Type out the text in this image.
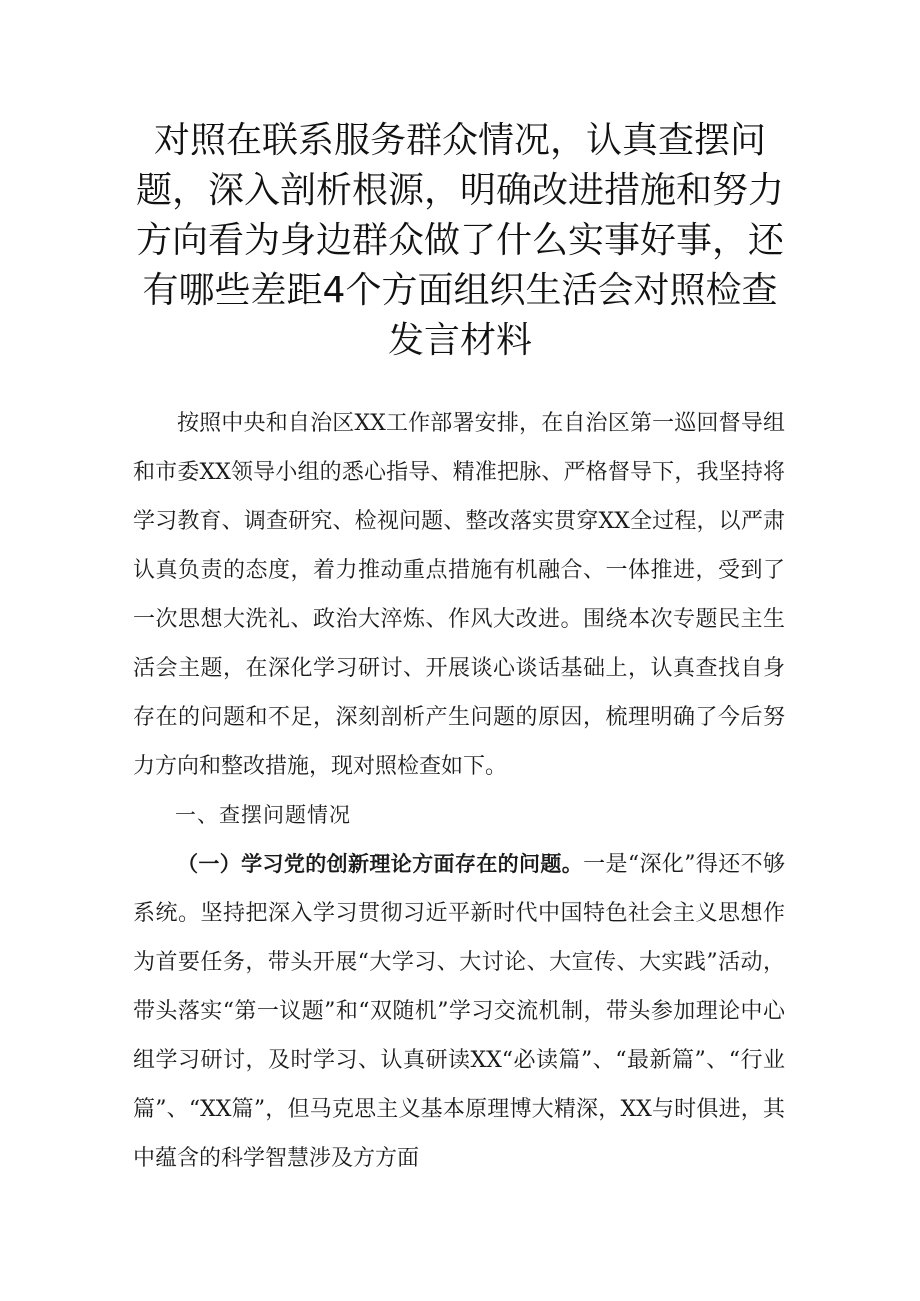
对照在联系服务群众情况，认真查摆问题，深入剖析根源，明确改进措施和努力方向看为身边群众做了什么实事好事，还有哪些差距4个方面组织生活会对照检查发言材料

按照中央和自治区XX工作部署安排，在自治区第一巡回督导组和市委XX领导小组的悉心指导、精准把脉、严格督导下，我坚持将学习教育、调查研究、检视问题、整改落实贯穿XX全过程，以严肃认真负责的态度，着力推动重点措施有机融合、一体推进，受到了一次思想大洗礼、政治大淬炼、作风大改进。围绕本次专题民主生活会主题，在深化学习研讨、开展谈心谈话基础上，认真查找自身存在的问题和不足，深刻剖析产生问题的原因，梳理明确了今后努力方向和整改措施，现对照检查如下。

一、查摆问题情况

（一）学习党的创新理论方面存在的问题。一是“深化”得还不够系统。坚持把深入学习贯彻习近平新时代中国特色社会主义思想作为首要任务，带头开展“大学习、大讨论、大宣传、大实践”活动，带头落实“第一议题”和“双随机”学习交流机制，带头参加理论中心组学习研讨，及时学习、认真研读XX“必读篇”、“最新篇”、“行业篇”、“XX篇”，但马克思主义基本原理博大精深，XX与时俱进，其中蕴含的科学智慧涉及方方面
